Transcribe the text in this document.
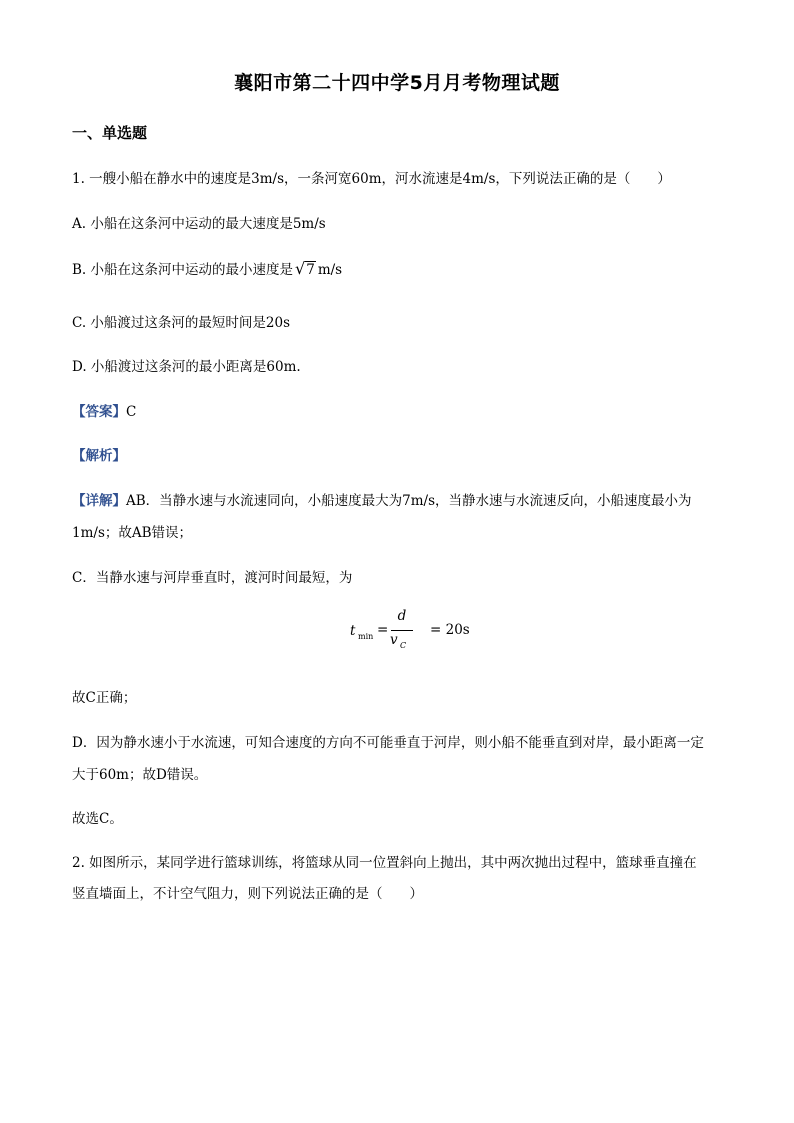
襄阳市第二十四中学5月月考物理试题
一、单选题
1. 一艘小船在静水中的速度是3m/s，一条河宽60m，河水流速是4m/s，下列说法正确的是（　　）
A. 小船在这条河中运动的最大速度是5m/s
B. 小船在这条河中运动的最小速度是 √7 m/s
C. 小船渡过这条河的最短时间是20s
D. 小船渡过这条河的最小距离是60m.
【答案】C
【解析】
【详解】AB．当静水速与水流速同向，小船速度最大为7m/s，当静水速与水流速反向，小船速度最小为
1m/s；故AB错误；
C．当静水速与河岸垂直时，渡河时间最短，为
t min =
d
v C
= 20s
故C正确；
D．因为静水速小于水流速，可知合速度的方向不可能垂直于河岸，则小船不能垂直到对岸，最小距离一定
大于60m；故D错误。
故选C。
2. 如图所示，某同学进行篮球训练，将篮球从同一位置斜向上抛出，其中两次抛出过程中，篮球垂直撞在
竖直墙面上，不计空气阻力，则下列说法正确的是（　　）
